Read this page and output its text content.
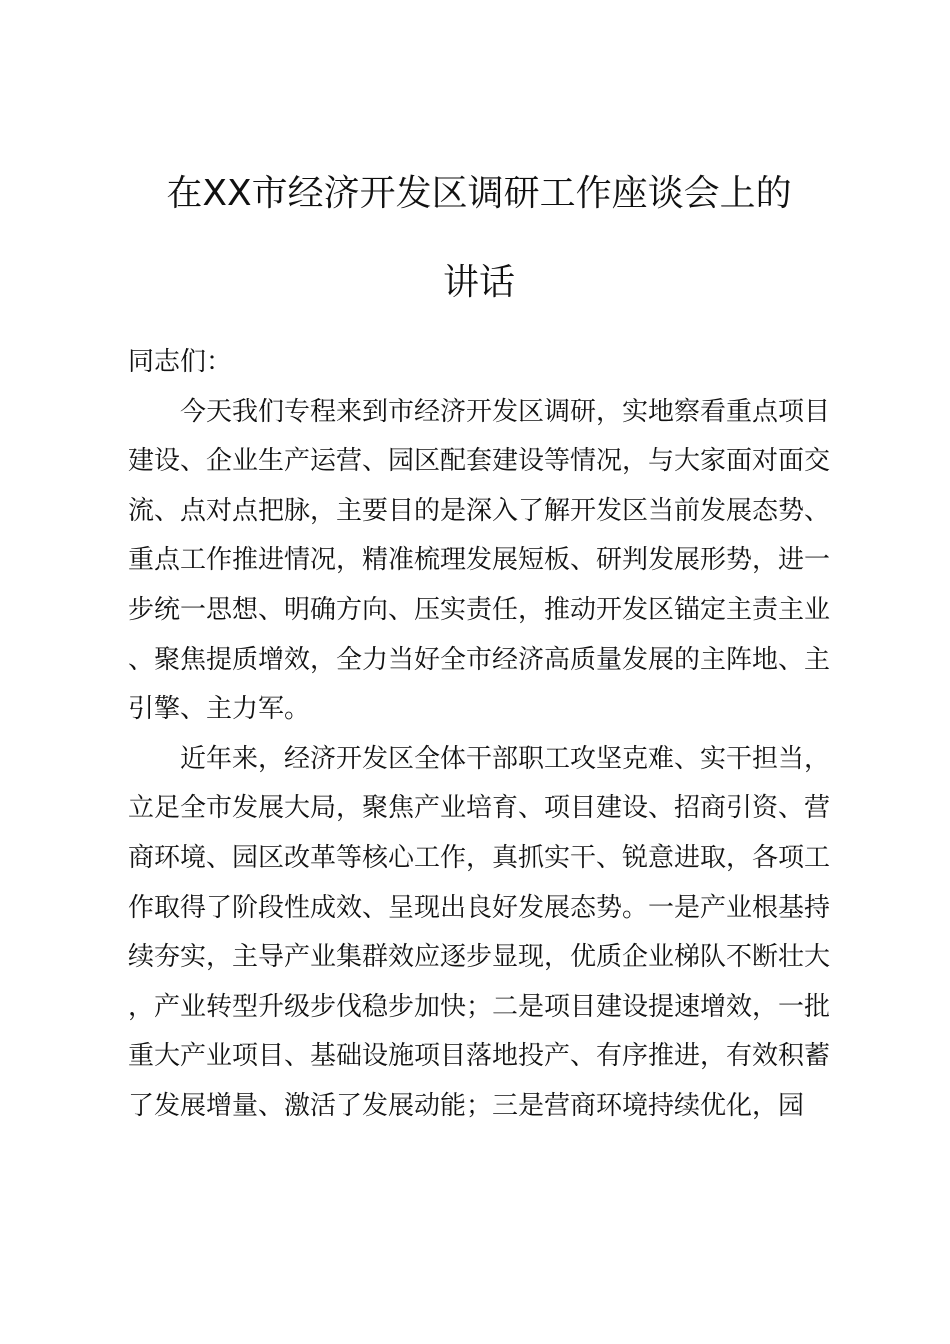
在XX市经济开发区调研工作座谈会上的
讲话

同志们：

今天我们专程来到市经济开发区调研，实地察看重点项目建设、企业生产运营、园区配套建设等情况，与大家面对面交流、点对点把脉，主要目的是深入了解开发区当前发展态势、重点工作推进情况，精准梳理发展短板、研判发展形势，进一步统一思想、明确方向、压实责任，推动开发区锚定主责主业、聚焦提质增效，全力当好全市经济高质量发展的主阵地、主引擎、主力军。

近年来，经济开发区全体干部职工攻坚克难、实干担当，立足全市发展大局，聚焦产业培育、项目建设、招商引资、营商环境、园区改革等核心工作，真抓实干、锐意进取，各项工作取得了阶段性成效、呈现出良好发展态势。一是产业根基持续夯实，主导产业集群效应逐步显现，优质企业梯队不断壮大，产业转型升级步伐稳步加快；二是项目建设提速增效，一批重大产业项目、基础设施项目落地投产、有序推进，有效积蓄了发展增量、激活了发展动能；三是营商环境持续优化，园
